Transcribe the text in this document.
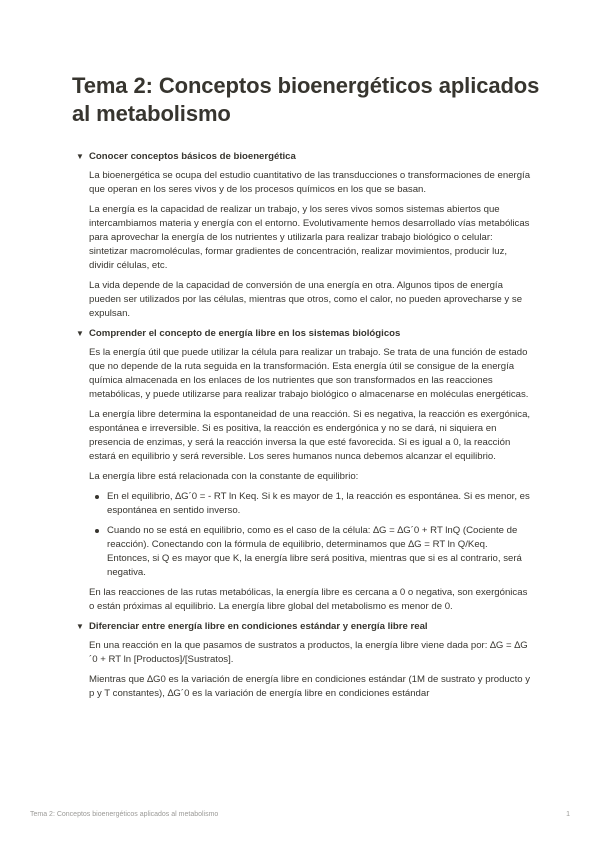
Tema 2: Conceptos bioenergéticos aplicados al metabolismo
▼ Conocer conceptos básicos de bioenergética

La bioenergética se ocupa del estudio cuantitativo de las transducciones o transformaciones de energía que operan en los seres vivos y de los procesos químicos en los que se basan.

La energía es la capacidad de realizar un trabajo, y los seres vivos somos sistemas abiertos que intercambiamos materia y energía con el entorno. Evolutivamente hemos desarrollado vías metabólicas para aprovechar la energía de los nutrientes y utilizarla para realizar trabajo biológico o celular: sintetizar macromoléculas, formar gradientes de concentración, realizar movimientos, producir luz, dividir células, etc.

La vida depende de la capacidad de conversión de una energía en otra. Algunos tipos de energía pueden ser utilizados por las células, mientras que otros, como el calor, no pueden aprovecharse y se expulsan.

▼ Comprender el concepto de energía libre en los sistemas biológicos

Es la energía útil que puede utilizar la célula para realizar un trabajo. Se trata de una función de estado que no depende de la ruta seguida en la transformación. Esta energía útil se consigue de la energía química almacenada en los enlaces de los nutrientes que son transformados en las reacciones metabólicas, y puede utilizarse para realizar trabajo biológico o almacenarse en moléculas energéticas.

La energía libre determina la espontaneidad de una reacción. Si es negativa, la reacción es exergónica, espontánea e irreversible. Si es positiva, la reacción es endergónica y no se dará, ni siquiera en presencia de enzimas, y será la reacción inversa la que esté favorecida. Si es igual a 0, la reacción estará en equilibrio y será reversible. Los seres humanos nunca debemos alcanzar el equilibrio.

La energía libre está relacionada con la constante de equilibrio:

En el equilibrio, ∆G´0 = - RT ln Keq. Si k es mayor de 1, la reacción es espontánea. Si es menor, es espontánea en sentido inverso.
Cuando no se está en equilibrio, como es el caso de la célula: ∆G = ∆G´0 + RT lnQ (Cociente de reacción). Conectando con la fórmula de equilibrio, determinamos que ∆G = RT ln Q/Keq. Entonces, si Q es mayor que K, la energía libre será positiva, mientras que si es al contrario, será negativa.

En las reacciones de las rutas metabólicas, la energía libre es cercana a 0 o negativa, son exergónicas o están próximas al equilibrio. La energía libre global del metabolismo es menor de 0.

▼ Diferenciar entre energía libre en condiciones estándar y energía libre real

En una reacción en la que pasamos de sustratos a productos, la energía libre viene dada por: ∆G = ∆G´0 + RT ln [Productos]/[Sustratos].

Mientras que ∆G0 es la variación de energía libre en condiciones estándar (1M de sustrato y producto y p y T constantes), ∆G´0 es la variación de energía libre en condiciones estándar

Tema 2: Conceptos bioenergéticos aplicados al metabolismo	1
